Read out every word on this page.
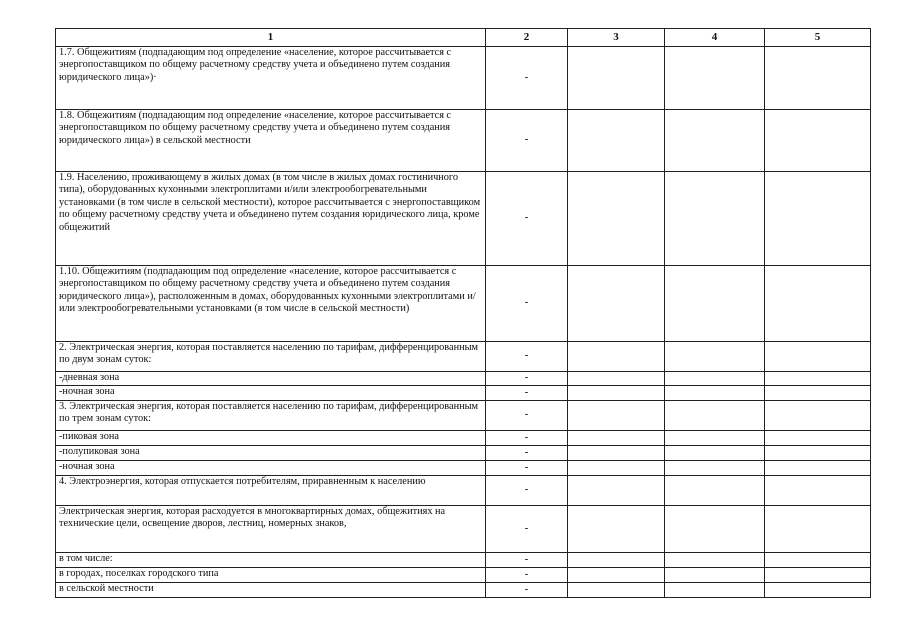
1	2	3	4	5
1.7. Общежитиям (подпадающим под определение «население, которое рассчитывается с энергопоставщиком по общему расчетному средству учета и объединено путем создания юридического лица»)·	-			
1.8. Общежитиям (подпадающим под определение «население, которое рассчитывается с энергопоставщиком по общему расчетному средству учета и объединено путем создания юридического лица») в сельской местности	-			
1.9. Населению, проживающему в жилых домах (в том числе в жилых домах гостиничного типа), оборудованных кухонными электроплитами и/или электрообогревательными установками (в том числе в сельской местности), которое рассчитывается с энергопоставщиком по общему расчетному средству учета и объединено путем создания юридического лица, кроме общежитий	-			
1.10. Общежитиям (подпадающим под определение «население, которое рассчитывается с энергопоставщиком по общему расчетному средству учета и объединено путем создания юридического лица»), расположенным в домах, оборудованных кухонными электроплитами и/или электрообогревательными установками (в том числе в сельской местности)	-			
2. Электрическая энергия, которая поставляется населению по тарифам, дифференцированным по двум зонам суток:	-			
-дневная зона	-			
-ночная зона	-			
3. Электрическая энергия, которая поставляется населению по тарифам, дифференцированным по трем зонам суток:	-			
-пиковая зона	-			
-полупиковая зона	-			
-ночная зона	-			
4. Электроэнергия, которая отпускается потребителям, приравненным к населению	-			
Электрическая энергия, которая расходуется в многоквартирных домах, общежитиях на технические цели, освещение дворов, лестниц, номерных знаков,	-			
в том числе:	-			
в городах, поселках городского типа	-			
в сельской местности	-			
